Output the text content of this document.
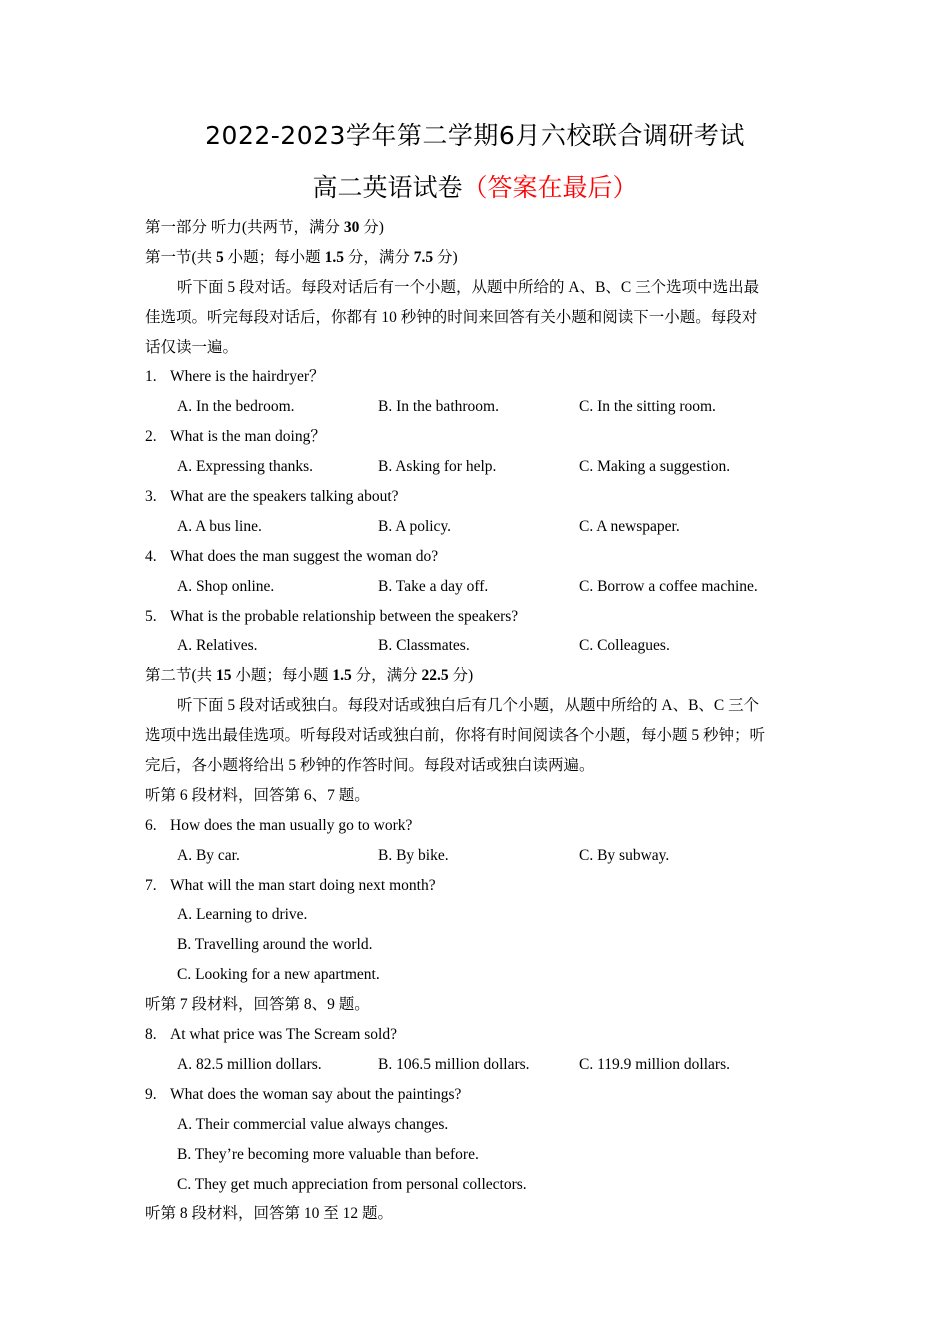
2022-2023学年第二学期6月六校联合调研考试
高二英语试卷（答案在最后）
第一部分 听力(共两节，满分 30 分)
第一节(共 5 小题；每小题 1.5 分，满分 7.5 分)
听下面 5 段对话。每段对话后有一个小题，从题中所给的 A、B、C 三个选项中选出最
佳选项。听完每段对话后，你都有 10 秒钟的时间来回答有关小题和阅读下一小题。每段对
话仅读一遍。
1. Where is the hairdryer？
A. In the bedroom.	B. In the bathroom.	C. In the sitting room.
2. What is the man doing？
A. Expressing thanks.	B. Asking for help.	C. Making a suggestion.
3. What are the speakers talking about?
A. A bus line.	B. A policy.	C. A newspaper.
4. What does the man suggest the woman do?
A. Shop online.	B. Take a day off.	C. Borrow a coffee machine.
5. What is the probable relationship between the speakers?
A. Relatives.	B. Classmates.	C. Colleagues.
第二节(共 15 小题；每小题 1.5 分，满分 22.5 分)
听下面 5 段对话或独白。每段对话或独白后有几个小题，从题中所给的 A、B、C 三个
选项中选出最佳选项。听每段对话或独白前，你将有时间阅读各个小题，每小题 5 秒钟；听
完后，各小题将给出 5 秒钟的作答时间。每段对话或独白读两遍。
听第 6 段材料，回答第 6、7 题。
6. How does the man usually go to work?
A. By car.	B. By bike.	C. By subway.
7. What will the man start doing next month?
A. Learning to drive.
B. Travelling around the world.
C. Looking for a new apartment.
听第 7 段材料，回答第 8、9 题。
8. At what price was The Scream sold?
A. 82.5 million dollars.	B. 106.5 million dollars.	C. 119.9 million dollars.
9. What does the woman say about the paintings?
A. Their commercial value always changes.
B. They’re becoming more valuable than before.
C. They get much appreciation from personal collectors.
听第 8 段材料，回答第 10 至 12 题。
